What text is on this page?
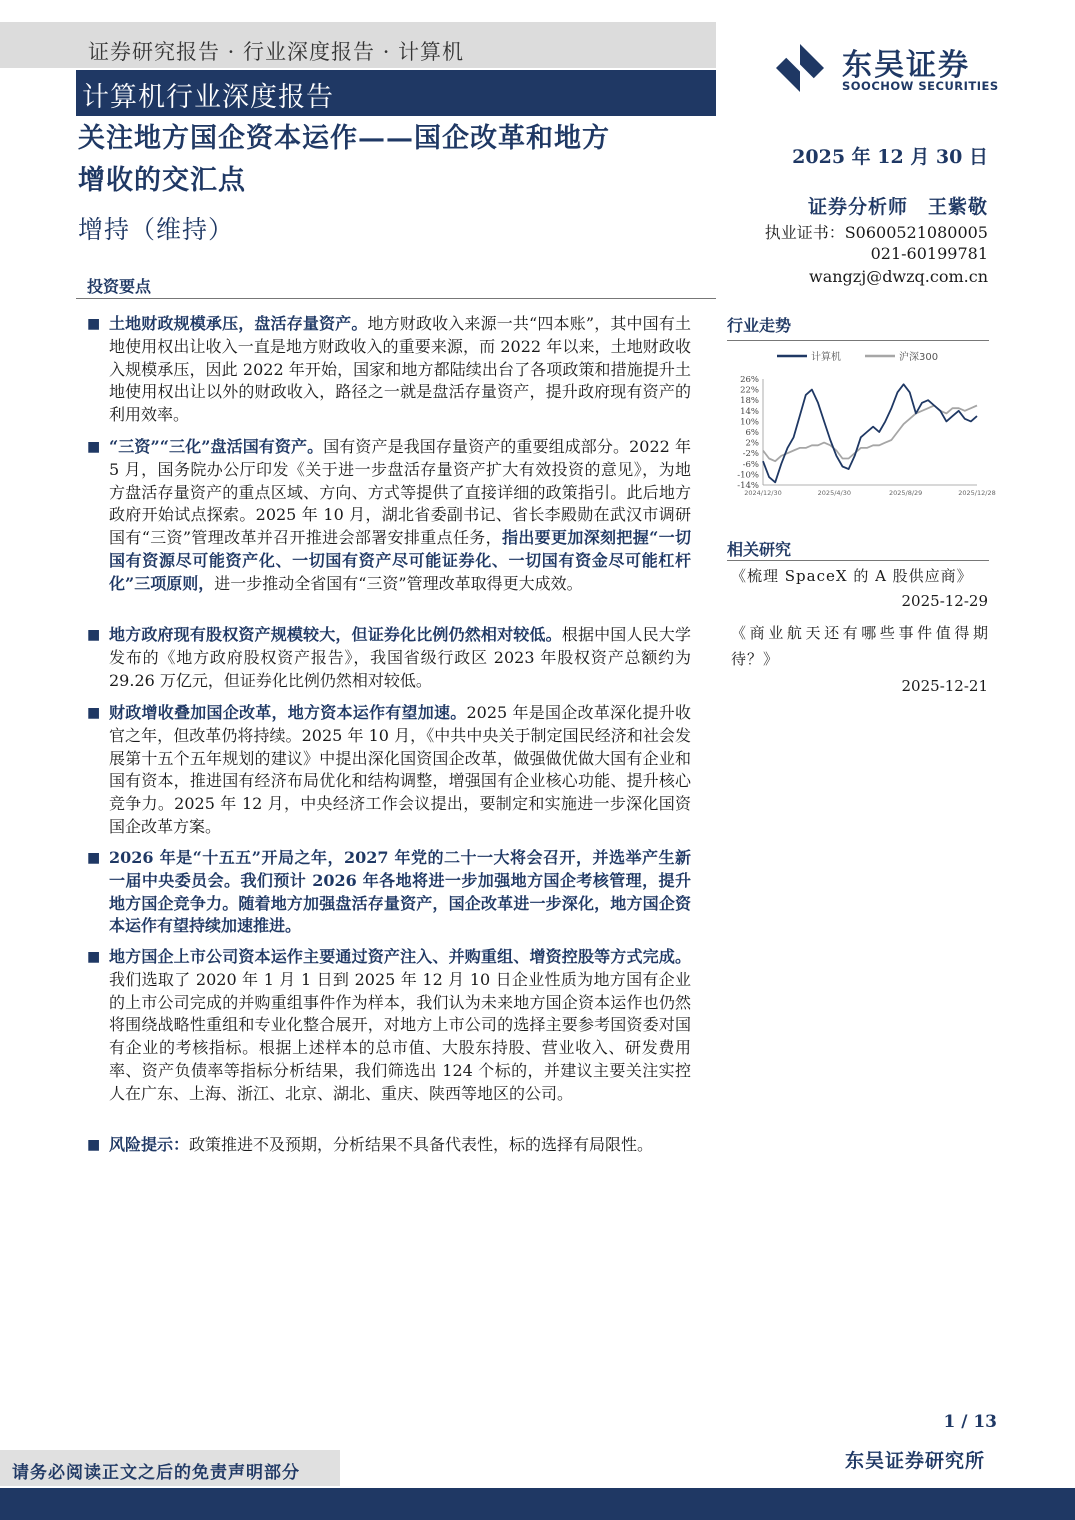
证券研究报告 · 行业深度报告 · 计算机
计算机行业深度报告
东吴证券
SOOCHOW SECURITIES
关注地方国企资本运作——国企改革和地方
增收的交汇点
增持（维持）
2025 年 12 月 30 日
证券分析师　王紫敬
执业证书：S0600521080005
021-60199781
wangzj@dwzq.com.cn
行业走势
计算机	沪深300
26%
22%
18%
14%
10%
6%
2%
-2%
-6%
-10%
-14%
2024/12/30	2025/4/30	2025/8/29	2025/12/28
相关研究
《梳理 SpaceX 的 A 股供应商》
2025-12-29
《商业航天还有哪些事件值得期待？》
2025-12-21
投资要点
■ 土地财政规模承压，盘活存量资产。地方财政收入来源一共“四本账”，其中国有土地使用权出让收入一直是地方财政收入的重要来源，而 2022 年以来，土地财政收入规模承压，因此 2022 年开始，国家和地方都陆续出台了各项政策和措施提升土地使用权出让以外的财政收入，路径之一就是盘活存量资产，提升政府现有资产的利用效率。
■ “三资”“三化”盘活国有资产。国有资产是我国存量资产的重要组成部分。2022 年 5 月，国务院办公厅印发《关于进一步盘活存量资产扩大有效投资的意见》，为地方盘活存量资产的重点区域、方向、方式等提供了直接详细的政策指引。此后地方政府开始试点探索。2025 年 10 月，湖北省委副书记、省长李殿勋在武汉市调研国有“三资”管理改革并召开推进会部署安排重点任务，指出要更加深刻把握“一切国有资源尽可能资产化、一切国有资产尽可能证券化、一切国有资金尽可能杠杆化”三项原则，进一步推动全省国有“三资”管理改革取得更大成效。
■ 地方政府现有股权资产规模较大，但证券化比例仍然相对较低。根据中国人民大学发布的《地方政府股权资产报告》，我国省级行政区 2023 年股权资产总额约为 29.26 万亿元，但证券化比例仍然相对较低。
■ 财政增收叠加国企改革，地方资本运作有望加速。2025 年是国企改革深化提升收官之年，但改革仍将持续。2025 年 10 月，《中共中央关于制定国民经济和社会发展第十五个五年规划的建议》中提出深化国资国企改革，做强做优做大国有企业和国有资本，推进国有经济布局优化和结构调整，增强国有企业核心功能、提升核心竞争力。2025 年 12 月，中央经济工作会议提出，要制定和实施进一步深化国资国企改革方案。
■ 2026 年是“十五五”开局之年，2027 年党的二十一大将会召开，并选举产生新一届中央委员会。我们预计 2026 年各地将进一步加强地方国企考核管理，提升地方国企竞争力。随着地方加强盘活存量资产，国企改革进一步深化，地方国企资本运作有望持续加速推进。
■ 地方国企上市公司资本运作主要通过资产注入、并购重组、增资控股等方式完成。我们选取了 2020 年 1 月 1 日到 2025 年 12 月 10 日企业性质为地方国有企业的上市公司完成的并购重组事件作为样本，我们认为未来地方国企资本运作也仍然将围绕战略性重组和专业化整合展开，对地方上市公司的选择主要参考国资委对国有企业的考核指标。根据上述样本的总市值、大股东持股、营业收入、研发费用率、资产负债率等指标分析结果，我们筛选出 124 个标的，并建议主要关注实控人在广东、上海、浙江、北京、湖北、重庆、陕西等地区的公司。
■ 风险提示：政策推进不及预期，分析结果不具备代表性，标的选择有局限性。
1 / 13
请务必阅读正文之后的免责声明部分
东吴证券研究所
